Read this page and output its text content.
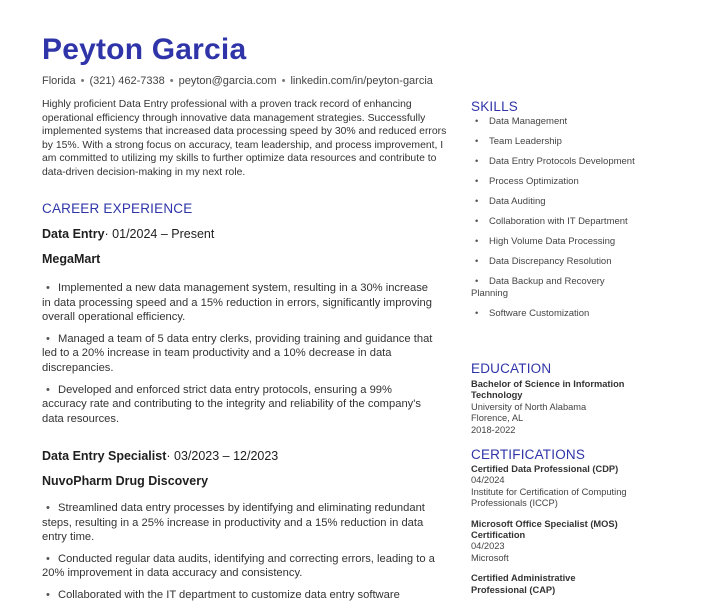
Peyton Garcia
Florida • (321) 462-7338 • peyton@garcia.com • linkedin.com/in/peyton-garcia

Highly proficient Data Entry professional with a proven track record of enhancing operational efficiency through innovative data management strategies. Successfully implemented systems that increased data processing speed by 30% and reduced errors by 15%. With a strong focus on accuracy, team leadership, and process improvement, I am committed to utilizing my skills to further optimize data resources and contribute to data-driven decision-making in my next role.

CAREER EXPERIENCE

Data Entry· 01/2024 – Present

MegaMart

• Implemented a new data management system, resulting in a 30% increase in data processing speed and a 15% reduction in errors, significantly improving overall operational efficiency.
• Managed a team of 5 data entry clerks, providing training and guidance that led to a 20% increase in team productivity and a 10% decrease in data discrepancies.
• Developed and enforced strict data entry protocols, ensuring a 99% accuracy rate and contributing to the integrity and reliability of the company's data resources.

Data Entry Specialist· 03/2023 – 12/2023

NuvoPharm Drug Discovery

• Streamlined data entry processes by identifying and eliminating redundant steps, resulting in a 25% increase in productivity and a 15% reduction in data entry time.
• Conducted regular data audits, identifying and correcting errors, leading to a 20% improvement in data accuracy and consistency.
• Collaborated with the IT department to customize data entry software
SKILLS
• Data Management
• Team Leadership
• Data Entry Protocols Development
• Process Optimization
• Data Auditing
• Collaboration with IT Department
• High Volume Data Processing
• Data Discrepancy Resolution
• Data Backup and Recovery Planning
• Software Customization
EDUCATION

Bachelor of Science in Information Technology

University of North Alabama

Florence, AL

2018-2022

CERTIFICATIONS

Certified Data Professional (CDP)

04/2024

Institute for Certification of Computing Professionals (ICCP)

Microsoft Office Specialist (MOS) Certification

04/2023

Microsoft

Certified Administrative Professional (CAP)
